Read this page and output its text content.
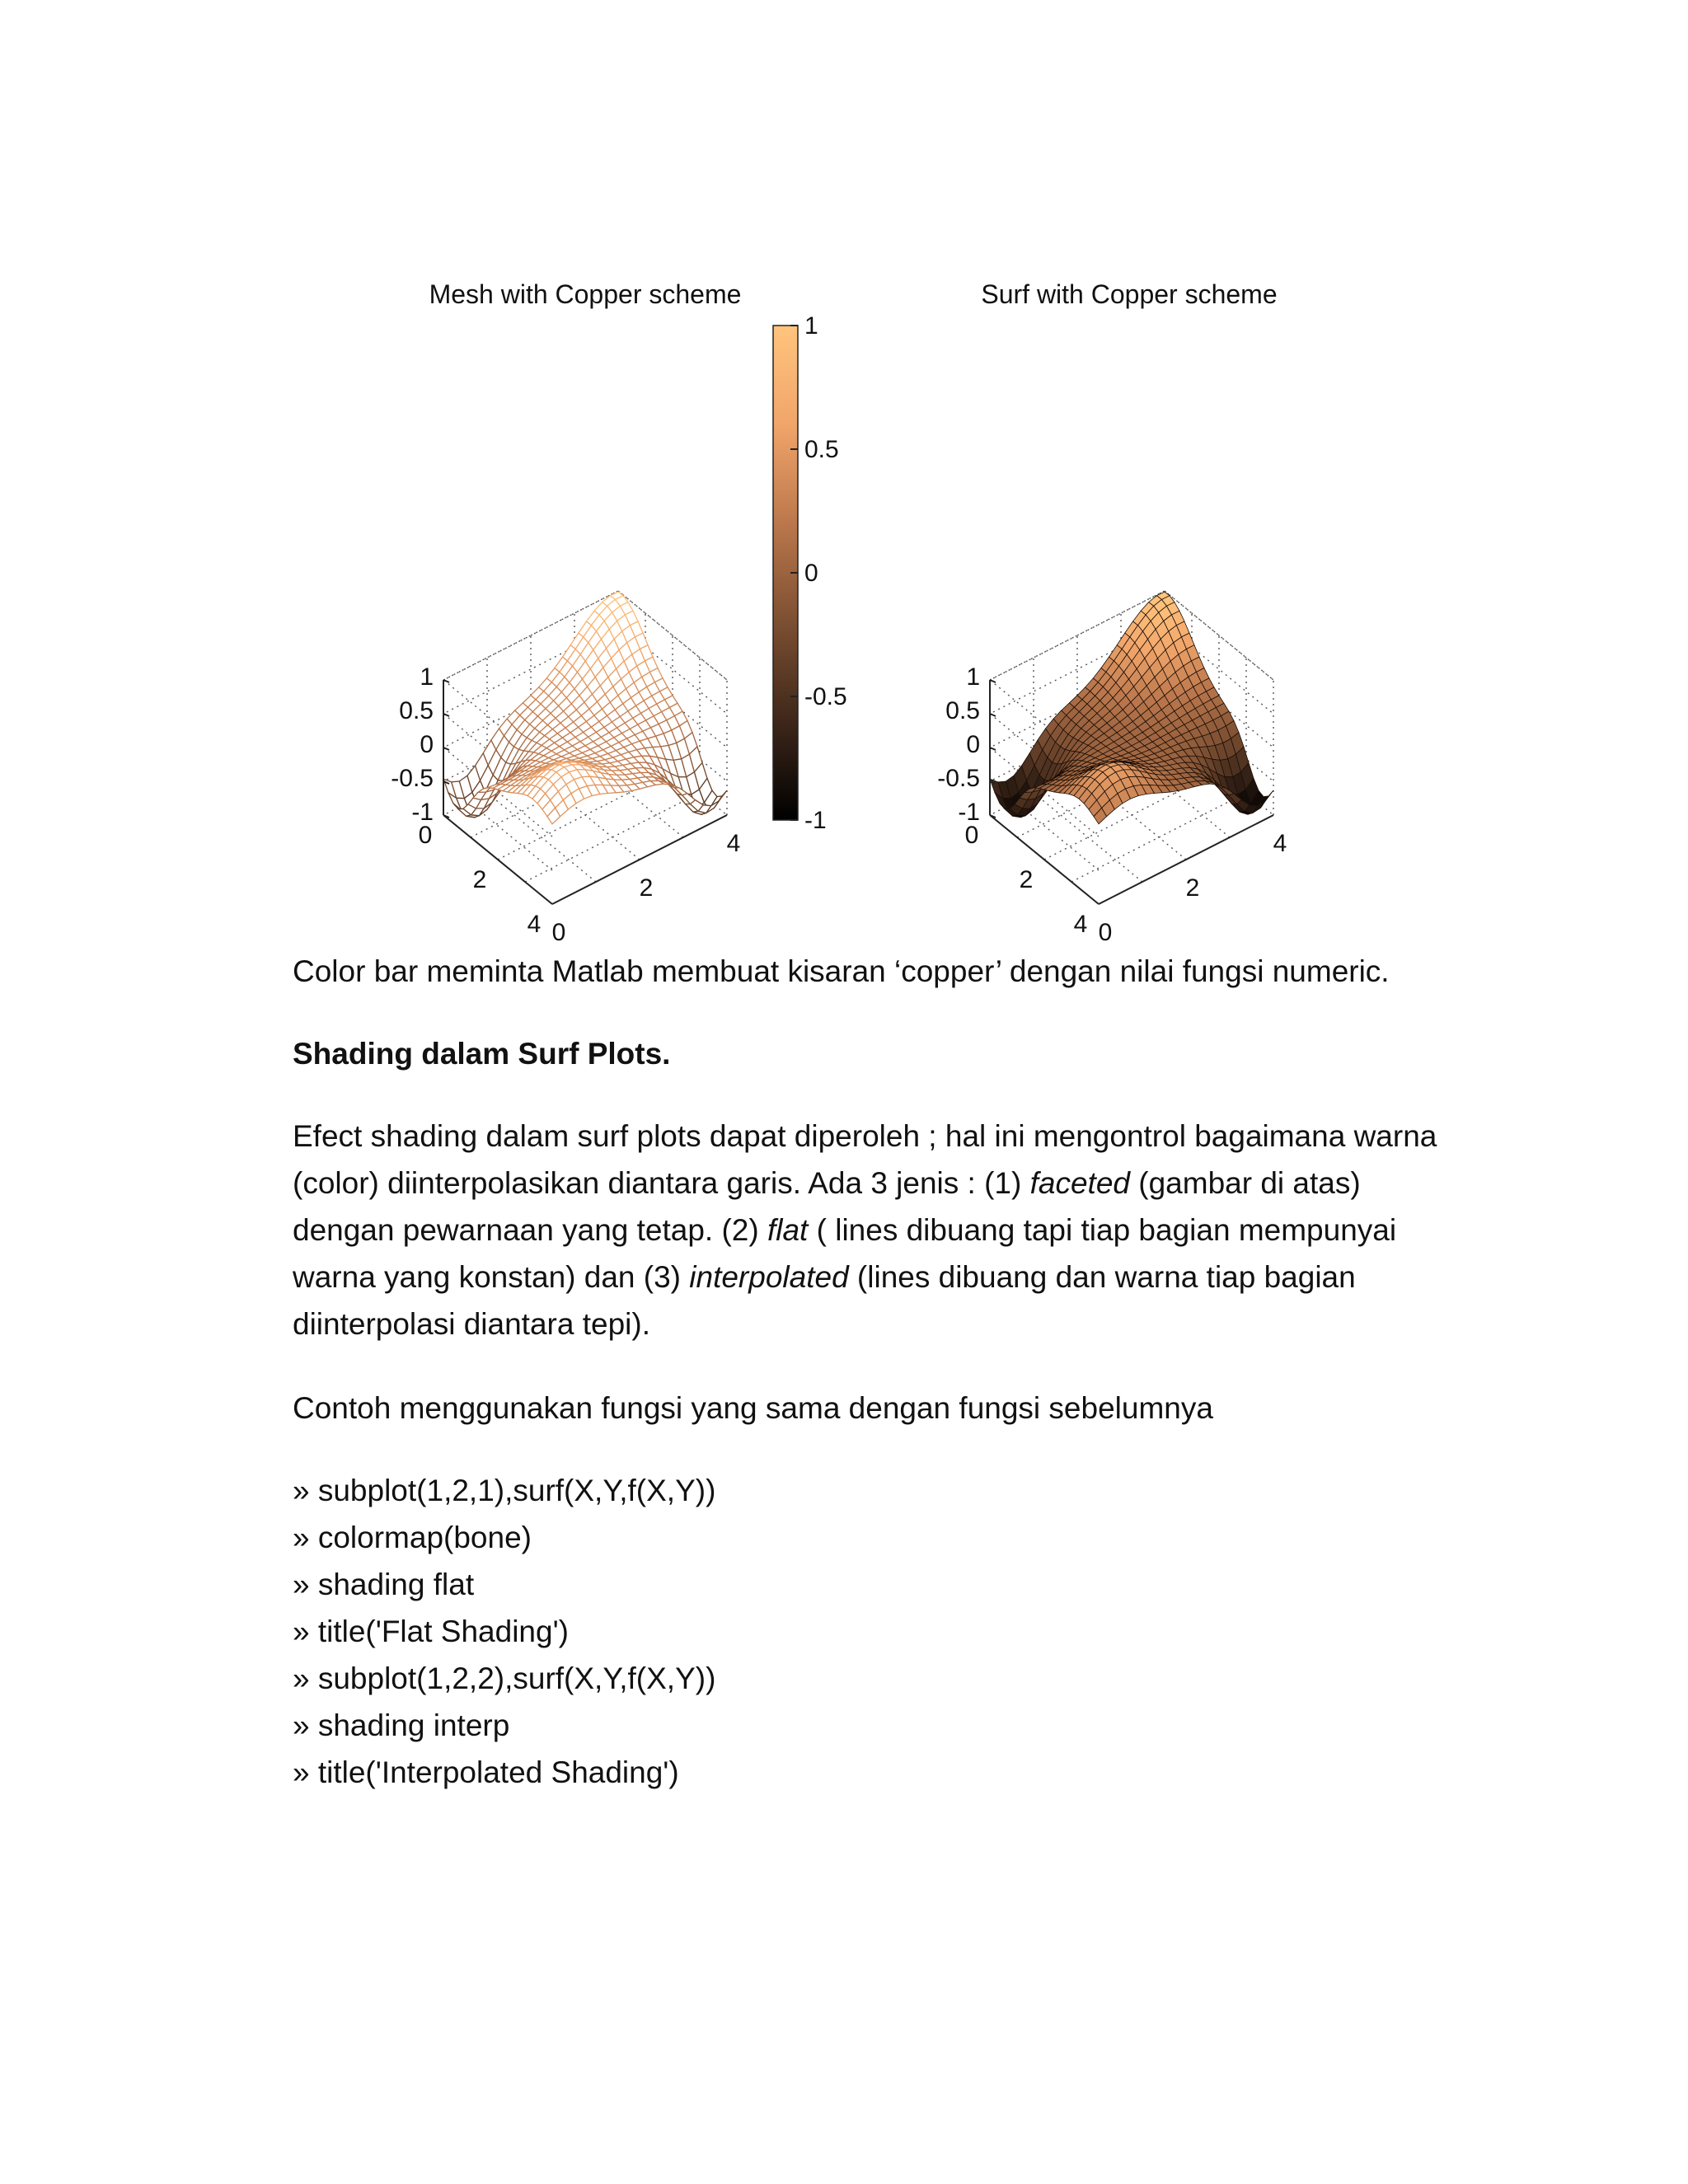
Mesh with Copper scheme
1
0.5
0
-0.5
-1
0
2
4 0
2
4
Surf with Copper scheme
1
0.5
0
-0.5
-1
0
2
4 0
2
4
1
0.5
0
-0.5
-1

Color bar meminta Matlab membuat kisaran ‘copper’ dengan nilai fungsi numeric.

Shading dalam Surf Plots.

Efect shading dalam surf plots dapat diperoleh ; hal ini mengontrol bagaimana warna (color) diinterpolasikan diantara garis. Ada 3 jenis : (1) faceted (gambar di atas) dengan pewarnaan yang tetap. (2) flat ( lines dibuang tapi tiap bagian mempunyai warna yang konstan) dan (3) interpolated (lines dibuang dan warna tiap bagian diinterpolasi diantara tepi).

Contoh menggunakan fungsi yang sama dengan fungsi sebelumnya

» subplot(1,2,1),surf(X,Y,f(X,Y))
» colormap(bone)
» shading flat
» title('Flat Shading')
» subplot(1,2,2),surf(X,Y,f(X,Y))
» shading interp
» title('Interpolated Shading')
